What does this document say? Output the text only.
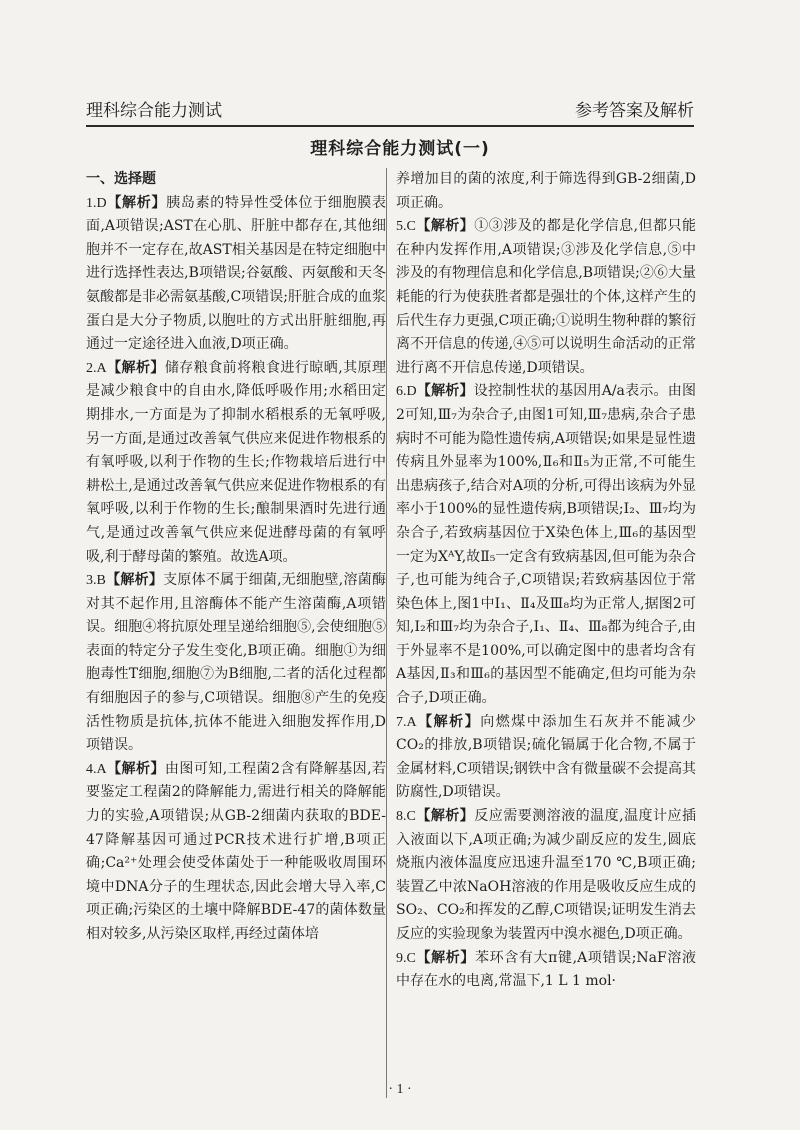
理科综合能力测试	参考答案及解析
理科综合能力测试(一)
一、选择题

1.D【解析】胰岛素的特异性受体位于细胞膜表面,A项错误;AST在心肌、肝脏中都存在,其他细胞并不一定存在,故AST相关基因是在特定细胞中进行选择性表达,B项错误;谷氨酸、丙氨酸和天冬氨酸都是非必需氨基酸,C项错误;肝脏合成的血浆蛋白是大分子物质,以胞吐的方式出肝脏细胞,再通过一定途径进入血液,D项正确。

2.A【解析】储存粮食前将粮食进行晾晒,其原理是减少粮食中的自由水,降低呼吸作用;水稻田定期排水,一方面是为了抑制水稻根系的无氧呼吸,另一方面,是通过改善氧气供应来促进作物根系的有氧呼吸,以利于作物的生长;作物栽培后进行中耕松土,是通过改善氧气供应来促进作物根系的有氧呼吸,以利于作物的生长;酿制果酒时先进行通气,是通过改善氧气供应来促进酵母菌的有氧呼吸,利于酵母菌的繁殖。故选A项。

3.B【解析】支原体不属于细菌,无细胞壁,溶菌酶对其不起作用,且溶酶体不能产生溶菌酶,A项错误。细胞④将抗原处理呈递给细胞⑤,会使细胞⑤表面的特定分子发生变化,B项正确。细胞①为细胞毒性T细胞,细胞⑦为B细胞,二者的活化过程都有细胞因子的参与,C项错误。细胞⑧产生的免疫活性物质是抗体,抗体不能进入细胞发挥作用,D项错误。

4.A【解析】由图可知,工程菌2含有降解基因,若要鉴定工程菌2的降解能力,需进行相关的降解能力的实验,A项错误;从GB-2细菌内获取的BDE-47降解基因可通过PCR技术进行扩增,B项正确;Ca²⁺处理会使受体菌处于一种能吸收周围环境中DNA分子的生理状态,因此会增大导入率,C项正确;污染区的土壤中降解BDE-47的菌体数量相对较多,从污染区取样,再经过菌体培

养增加目的菌的浓度,利于筛选得到GB-2细菌,D项正确。

5.C【解析】①③涉及的都是化学信息,但都只能在种内发挥作用,A项错误;③涉及化学信息,⑤中涉及的有物理信息和化学信息,B项错误;②⑥大量耗能的行为使获胜者都是强壮的个体,这样产生的后代生存力更强,C项正确;①说明生物种群的繁衍离不开信息的传递,④⑤可以说明生命活动的正常进行离不开信息传递,D项错误。

6.D【解析】设控制性状的基因用A/a表示。由图2可知,Ⅲ₇为杂合子,由图1可知,Ⅲ₇患病,杂合子患病时不可能为隐性遗传病,A项错误;如果是显性遗传病且外显率为100%,Ⅱ₆和Ⅱ₅为正常,不可能生出患病孩子,结合对A项的分析,可得出该病为外显率小于100%的显性遗传病,B项错误;Ⅰ₂、Ⅲ₇均为杂合子,若致病基因位于X染色体上,Ⅲ₆的基因型一定为XᴬY,故Ⅱ₅一定含有致病基因,但可能为杂合子,也可能为纯合子,C项错误;若致病基因位于常染色体上,图1中Ⅰ₁、Ⅱ₄及Ⅲ₈均为正常人,据图2可知,Ⅰ₂和Ⅲ₇均为杂合子,Ⅰ₁、Ⅱ₄、Ⅲ₈都为纯合子,由于外显率不是100%,可以确定图中的患者均含有A基因,Ⅱ₃和Ⅲ₆的基因型不能确定,但均可能为杂合子,D项正确。

7.A【解析】向燃煤中添加生石灰并不能减少CO₂的排放,B项错误;硫化镉属于化合物,不属于金属材料,C项错误;钢铁中含有微量碳不会提高其防腐性,D项错误。

8.C【解析】反应需要测溶液的温度,温度计应插入液面以下,A项正确;为减少副反应的发生,圆底烧瓶内液体温度应迅速升温至170 ℃,B项正确;装置乙中浓NaOH溶液的作用是吸收反应生成的SO₂、CO₂和挥发的乙醇,C项错误;证明发生消去反应的实验现象为装置丙中溴水褪色,D项正确。

9.C【解析】苯环含有大π键,A项错误;NaF溶液中存在水的电离,常温下,1 L 1 mol·

· 1 ·
